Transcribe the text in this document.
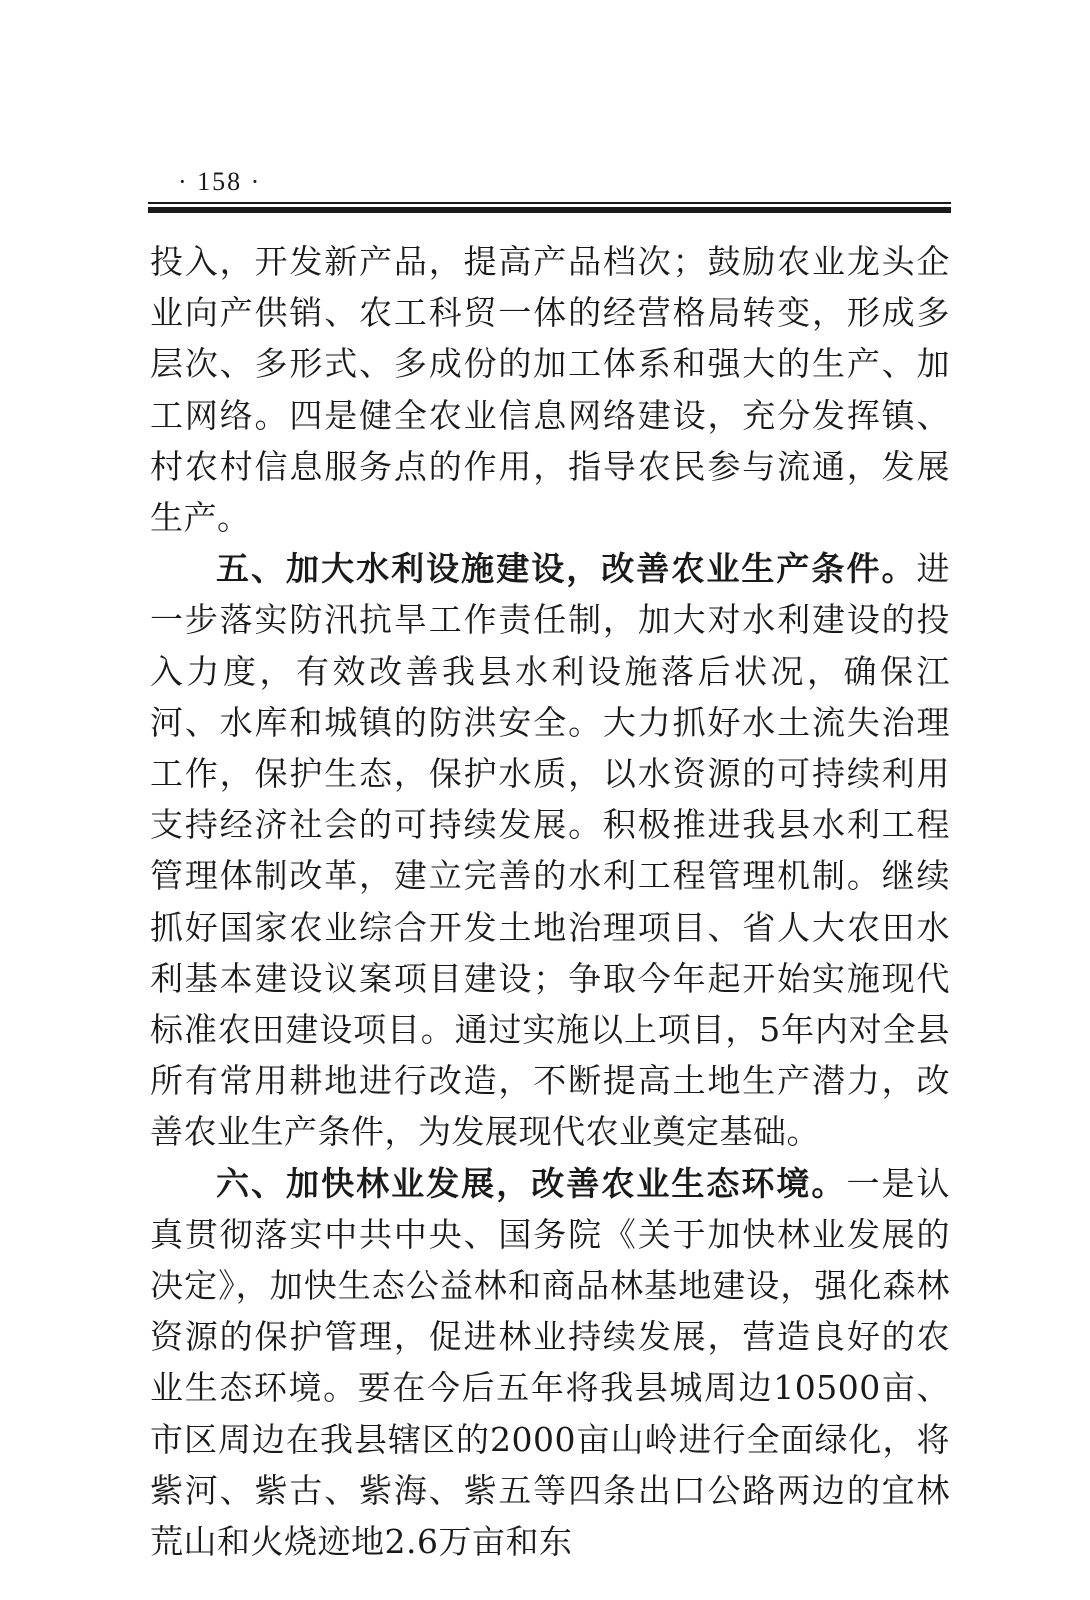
· 158 ·

投入，开发新产品，提高产品档次；鼓励农业龙头企业向产供销、农工科贸一体的经营格局转变，形成多层次、多形式、多成份的加工体系和强大的生产、加工网络。四是健全农业信息网络建设，充分发挥镇、村农村信息服务点的作用，指导农民参与流通，发展生产。

五、加大水利设施建设，改善农业生产条件。进一步落实防汛抗旱工作责任制，加大对水利建设的投入力度，有效改善我县水利设施落后状况，确保江河、水库和城镇的防洪安全。大力抓好水土流失治理工作，保护生态，保护水质，以水资源的可持续利用支持经济社会的可持续发展。积极推进我县水利工程管理体制改革，建立完善的水利工程管理机制。继续抓好国家农业综合开发土地治理项目、省人大农田水利基本建设议案项目建设；争取今年起开始实施现代标准农田建设项目。通过实施以上项目，5年内对全县所有常用耕地进行改造，不断提高土地生产潜力，改善农业生产条件，为发展现代农业奠定基础。

六、加快林业发展，改善农业生态环境。一是认真贯彻落实中共中央、国务院《关于加快林业发展的决定》，加快生态公益林和商品林基地建设，强化森林资源的保护管理，促进林业持续发展，营造良好的农业生态环境。要在今后五年将我县城周边10500亩、市区周边在我县辖区的2000亩山岭进行全面绿化，将紫河、紫古、紫海、紫五等四条出口公路两边的宜林荒山和火烧迹地2.6万亩和东
